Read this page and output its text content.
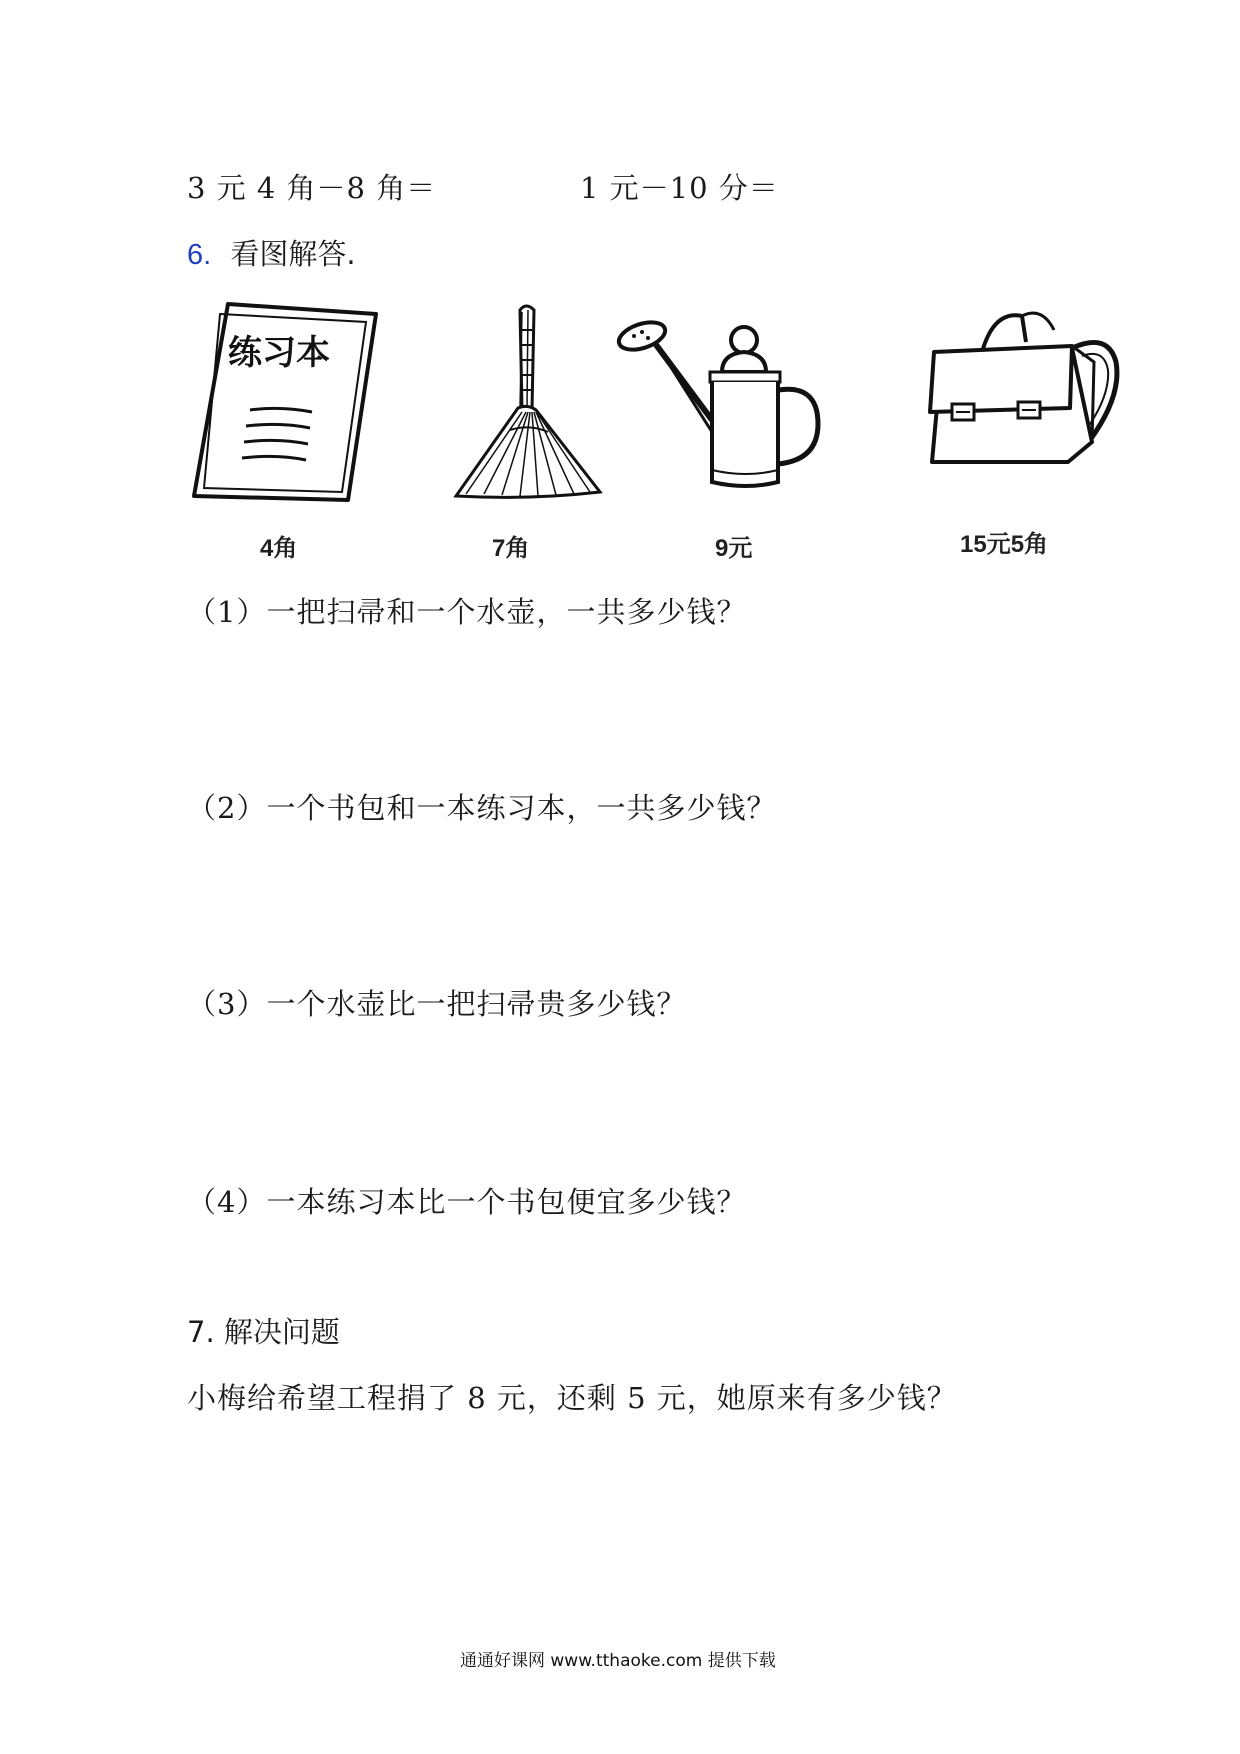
3 元 4 角－8 角＝	1 元－10 分＝
6. 看图解答.
练习本
4角	7角	9元	15元5角
（1）一把扫帚和一个水壶，一共多少钱？
（2）一个书包和一本练习本，一共多少钱？
（3）一个水壶比一把扫帚贵多少钱？
（4）一本练习本比一个书包便宜多少钱？
7. 解决问题
小梅给希望工程捐了 8 元，还剩 5 元，她原来有多少钱？
通通好课网 www.tthaoke.com 提供下载
